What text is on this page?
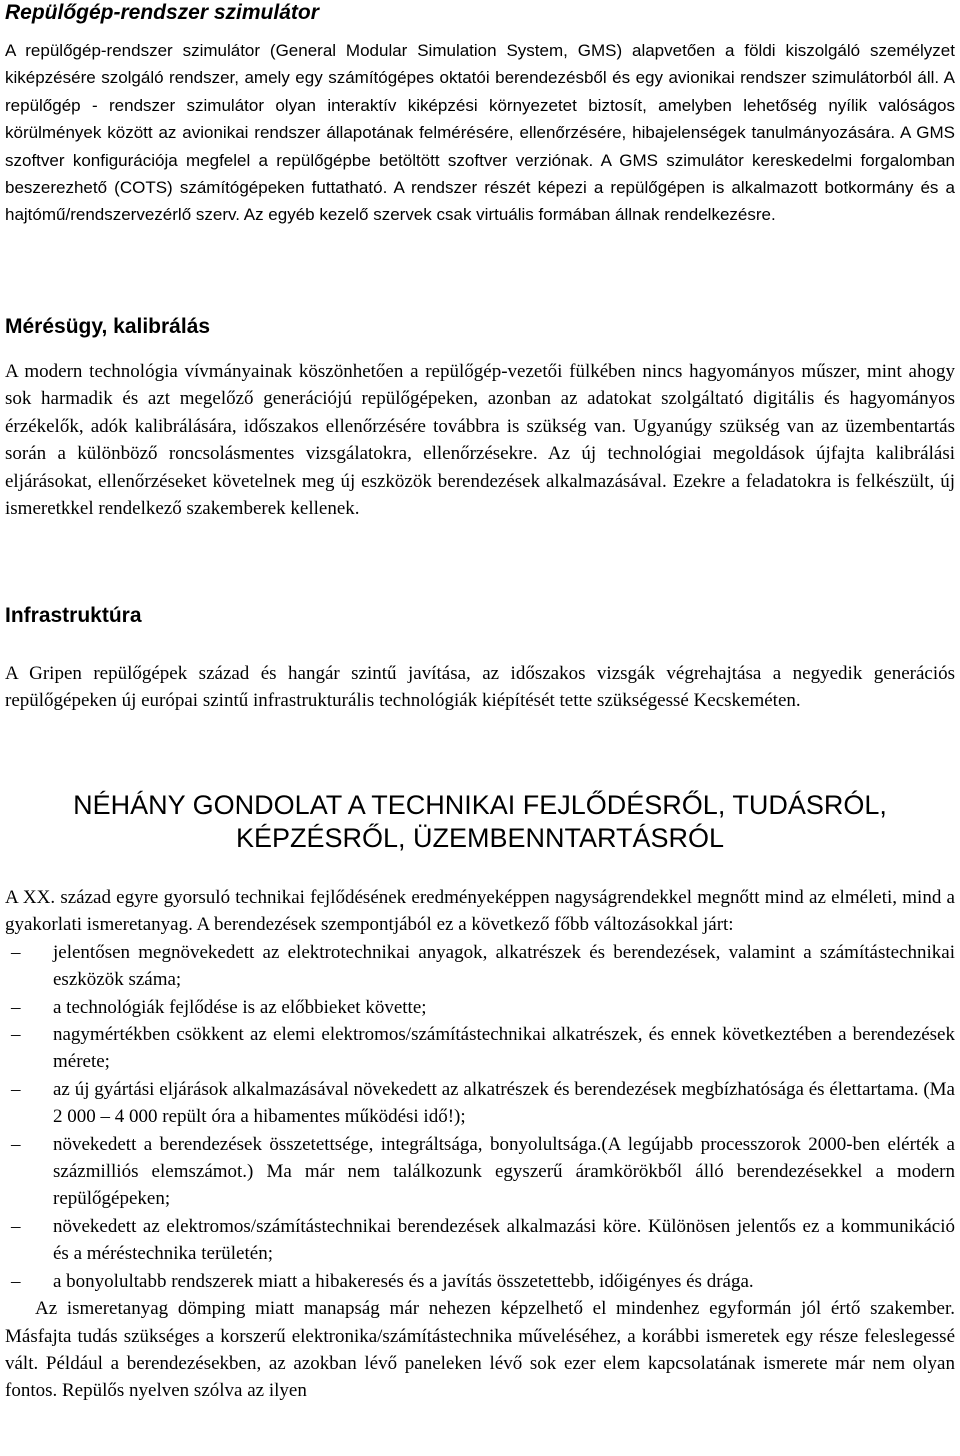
Repülőgép-rendszer szimulátor

A repülőgép-rendszer szimulátor (General Modular Simulation System, GMS) alapvetően a földi kiszolgáló személyzet kiképzésére szolgáló rendszer, amely egy számítógépes oktatói berendezésből és egy avionikai rendszer szimulátorból áll. A repülőgép - rendszer szimulátor olyan interaktív kiképzési környezetet biztosít, amelyben lehetőség nyílik valóságos körülmények között az avionikai rendszer állapotának felmérésére, ellenőrzésére, hibajelenségek tanulmányozására. A GMS szoftver konfigurációja megfelel a repülőgépbe betöltött szoftver verziónak. A GMS szimulátor kereskedelmi forgalomban beszerezhető (COTS) számítógépeken futtatható. A rendszer részét képezi a repülőgépen is alkalmazott botkormány és a hajtómű/rendszervezérlő szerv. Az egyéb kezelő szervek csak virtuális formában állnak rendelkezésre.

Mérésügy, kalibrálás

A modern technológia vívmányainak köszönhetően a repülőgép-vezetői fülkében nincs hagyományos műszer, mint ahogy sok harmadik és azt megelőző generációjú repülőgépeken, azonban az adatokat szolgáltató digitális és hagyományos érzékelők, adók kalibrálására, időszakos ellenőrzésére továbbra is szükség van. Ugyanúgy szükség van az üzembentartás során a különböző roncsolásmentes vizsgálatokra, ellenőrzésekre. Az új technológiai megoldások újfajta kalibrálási eljárásokat, ellenőrzéseket követelnek meg új eszközök berendezések alkalmazásával. Ezekre a feladatokra is felkészült, új ismeretkkel rendelkező szakemberek kellenek.

Infrastruktúra

A Gripen repülőgépek század és hangár szintű javítása, az időszakos vizsgák végrehajtása a negyedik generációs repülőgépeken új európai szintű infrastrukturális technológiák kiépítését tette szükségessé Kecskeméten.

NÉHÁNY GONDOLAT A TECHNIKAI FEJLŐDÉSRŐL, TUDÁSRÓL,
KÉPZÉSRŐL, ÜZEMBENNTARTÁSRÓL

A XX. század egyre gyorsuló technikai fejlődésének eredményeképpen nagyságrendekkel megnőtt mind az elméleti, mind a gyakorlati ismeretanyag. A berendezések szempontjából ez a következő főbb változásokkal járt:

– jelentősen megnövekedett az elektrotechnikai anyagok, alkatrészek és berendezések, valamint a számítástechnikai eszközök száma;
– a technológiák fejlődése is az előbbieket követte;
– nagymértékben csökkent az elemi elektromos/számítástechnikai alkatrészek, és ennek következtében a berendezések mérete;
– az új gyártási eljárások alkalmazásával növekedett az alkatrészek és berendezések megbízhatósága és élettartama. (Ma 2 000 – 4 000 repült óra a hibamentes működési idő!);
– növekedett a berendezések összetettsége, integráltsága, bonyolultsága.(A legújabb processzorok 2000-ben elérték a százmilliós elemszámot.) Ma már nem találkozunk egyszerű áramkörökből álló berendezésekkel a modern repülőgépeken;
– növekedett az elektromos/számítástechnikai berendezések alkalmazási köre. Különösen jelentős ez a kommunikáció és a méréstechnika területén;
– a bonyolultabb rendszerek miatt a hibakeresés és a javítás összetettebb, időigényes és drága.

Az ismeretanyag dömping miatt manapság már nehezen képzelhető el mindenhez egyformán jól értő szakember. Másfajta tudás szükséges a korszerű elektronika/számítástechnika műveléséhez, a korábbi ismeretek egy része feleslegessé vált. Például a berendezésekben, az azokban lévő paneleken lévő sok ezer elem kapcsolatának ismerete már nem olyan fontos. Repülős nyelven szólva az ilyen
